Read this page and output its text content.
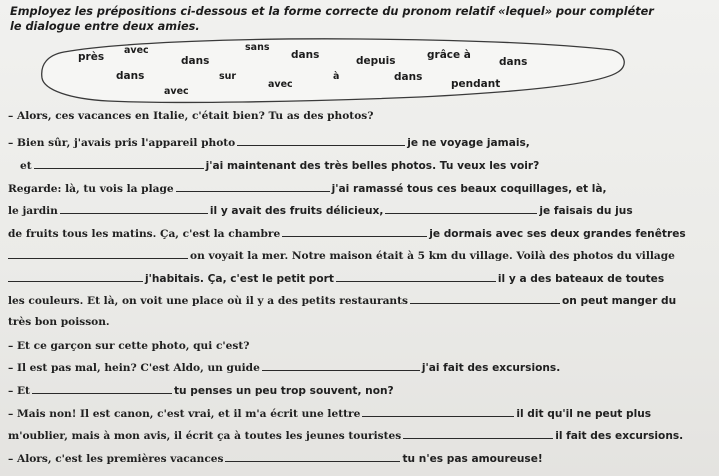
Employez les prépositions ci-dessous et la forme correcte du pronom relatif «lequel» pour compléter
le dialogue entre deux amies.
près
avec
dans
sans
dans	depuis	grâce à
dans
dans	sur
avec
à	dans
pendant
avec
– Alors, ces vacances en Italie, c'était bien? Tu as des photos?
– Bien sûr, j'avais pris l'appareil photo	je ne voyage jamais,
et	j'ai maintenant des très belles photos. Tu veux les voir?
Regarde: là, tu vois la plage	j'ai ramassé tous ces beaux coquillages, et là,
le jardin	il y avait des fruits délicieux,	je faisais du jus
de fruits tous les matins. Ça, c'est la chambre	je dormais avec ses deux grandes fenêtres
on voyait la mer. Notre maison était à 5 km du village. Voilà des photos du village
j'habitais. Ça, c'est le petit port	il y a des bateaux de toutes
les couleurs. Et là, on voit une place où il y a des petits restaurants	on peut manger du
très bon poisson.
– Et ce garçon sur cette photo, qui c'est?
– Il est pas mal, hein? C'est Aldo, un guide	j'ai fait des excursions.
– Et	tu penses un peu trop souvent, non?
– Mais non! Il est canon, c'est vrai, et il m'a écrit une lettre	il dit qu'il ne peut plus
m'oublier, mais à mon avis, il écrit ça à toutes les jeunes touristes	il fait des excursions.
– Alors, c'est les premières vacances	tu n'es pas amoureuse!
